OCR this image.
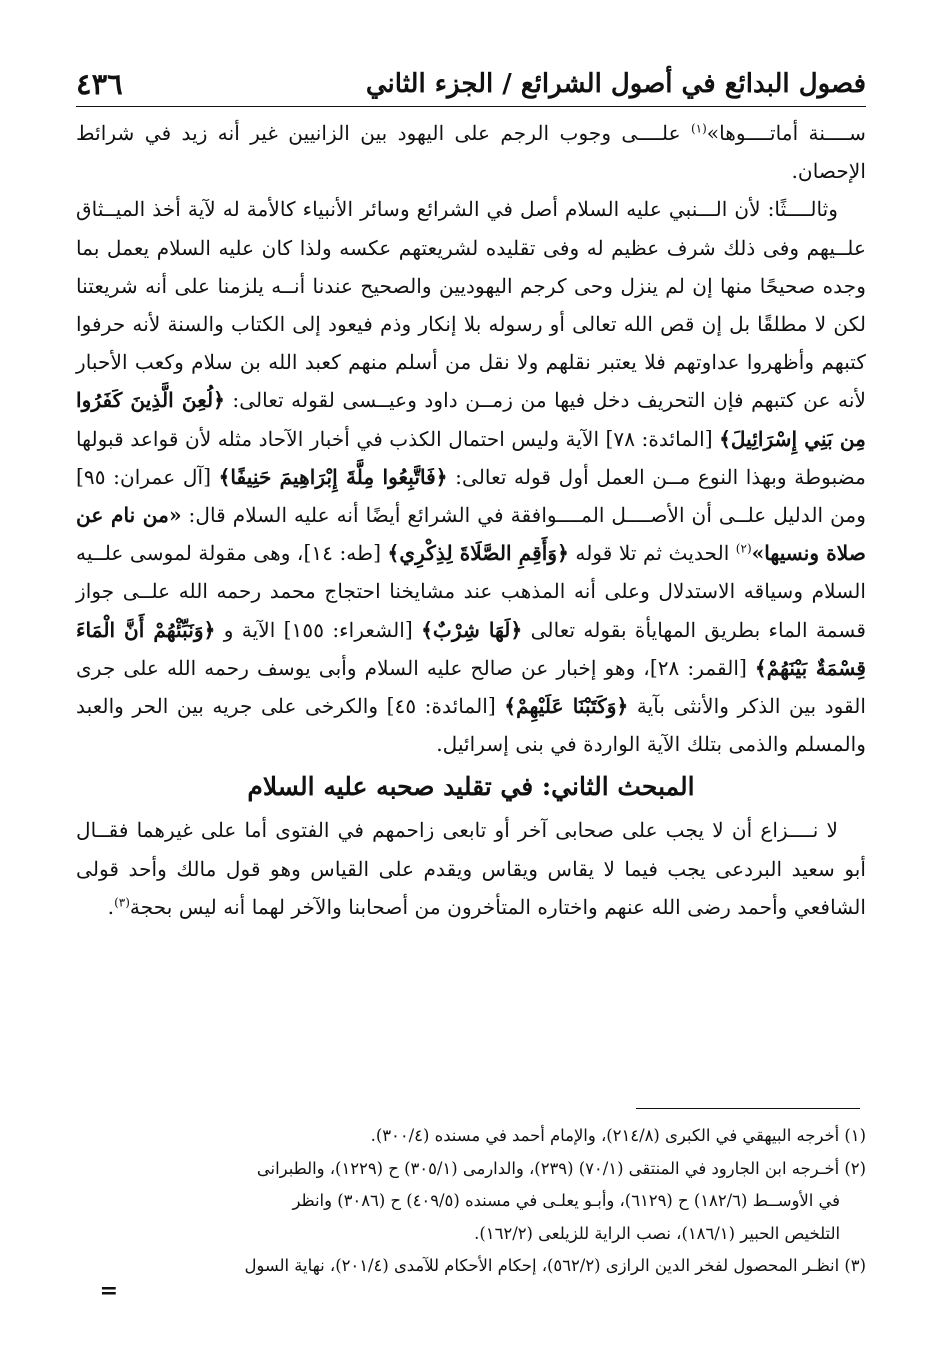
فصول البدائع في أصول الشرائع / الجزء الثاني
٤٣٦

ســــنة أماتــــوها»$^{(١)}$ علــــى وجوب الرجم على اليهود بين الزانيين غير أنه زيد في شرائط الإحصان.

وثالــــثًا: لأن الـــنبي عليه السلام أصل في الشرائع وسائر الأنبياء كالأمة له لآية أخذ الميــثاق علــيهم وفى ذلك شرف عظيم له وفى تقليده لشريعتهم عكسه ولذا كان عليه السلام يعمل بما وجده صحيحًا منها إن لم ينزل وحى كرجم اليهوديين والصحيح عندنا أنــه يلزمنا على أنه شريعتنا لكن لا مطلقًا بل إن قص الله تعالى أو رسوله بلا إنكار وذم فيعود إلى الكتاب والسنة لأنه حرفوا كتبهم وأظهروا عداوتهم فلا يعتبر نقلهم ولا نقل من أسلم منهم كعبد الله بن سلام وكعب الأحبار لأنه عن كتبهم فإن التحريف دخل فيها من زمــن داود وعيــسى لقوله تعالى: ﴿لُعِنَ الَّذِينَ كَفَرُوا مِن بَنِي إِسْرَائِيلَ﴾ [المائدة: ٧٨] الآية وليس احتمال الكذب في أخبار الآحاد مثله لأن قواعد قبولها مضبوطة وبهذا النوع مــن العمل أول قوله تعالى: ﴿فَاتَّبِعُوا مِلَّةَ إِبْرَاهِيمَ حَنِيفًا﴾ [آل عمران: ٩٥] ومن الدليل علــى أن الأصــــل المــــوافقة في الشرائع أيضًا أنه عليه السلام قال: «من نام عن صلاة ونسيها»$^{(٢)}$ الحديث ثم تلا قوله ﴿وَأَقِمِ الصَّلَاةَ لِذِكْرِي﴾ [طه: ١٤]، وهى مقولة لموسى علــيه السلام وسياقه الاستدلال وعلى أنه المذهب عند مشايخنا احتجاج محمد رحمه الله علــى جواز قسمة الماء بطريق المهايأة بقوله تعالى ﴿لَهَا شِرْبٌ﴾ [الشعراء: ١٥٥] الآية و ﴿وَنَبِّئْهُمْ أَنَّ الْمَاءَ قِسْمَةٌ بَيْنَهُمْ﴾ [القمر: ٢٨]، وهو إخبار عن صالح عليه السلام وأبى يوسف رحمه الله على جرى القود بين الذكر والأنثى بآية ﴿وَكَتَبْنَا عَلَيْهِمْ﴾ [المائدة: ٤٥] والكرخى على جريه بين الحر والعبد والمسلم والذمى بتلك الآية الواردة في بنى إسرائيل.

المبحث الثاني: في تقليد صحبه عليه السلام

لا نــــزاع أن لا يجب على صحابى آخر أو تابعى زاحمهم في الفتوى أما على غيرهما فقــال أبو سعيد البردعى يجب فيما لا يقاس ويقاس ويقدم على القياس وهو قول مالك وأحد قولى الشافعي وأحمد رضى الله عنهم واختاره المتأخرون من أصحابنا والآخر لهما أنه ليس بحجة$^{(٣)}$.

(١) أخرجه البيهقي في الكبرى (٢١٤/٨)، والإمام أحمد في مسنده (٣٠٠/٤).

(٢) أخـرجه ابن الجارود في المنتقى (٧٠/١) (٢٣٩)، والدارمى (٣٠٥/١) ح (١٢٢٩)، والطبرانى

في الأوســط (١٨٢/٦) ح (٦١٢٩)، وأبـو يعلـى في مسنده (٤٠٩/٥) ح (٣٠٨٦) وانظر

التلخيص الحبير (١٨٦/١)، نصب الراية للزيلعى (١٦٢/٢).

(٣) انظـر المحصول لفخر الدين الرازى (٥٦٢/٢)، إحكام الأحكام للآمدى (٢٠١/٤)، نهاية السول

=
